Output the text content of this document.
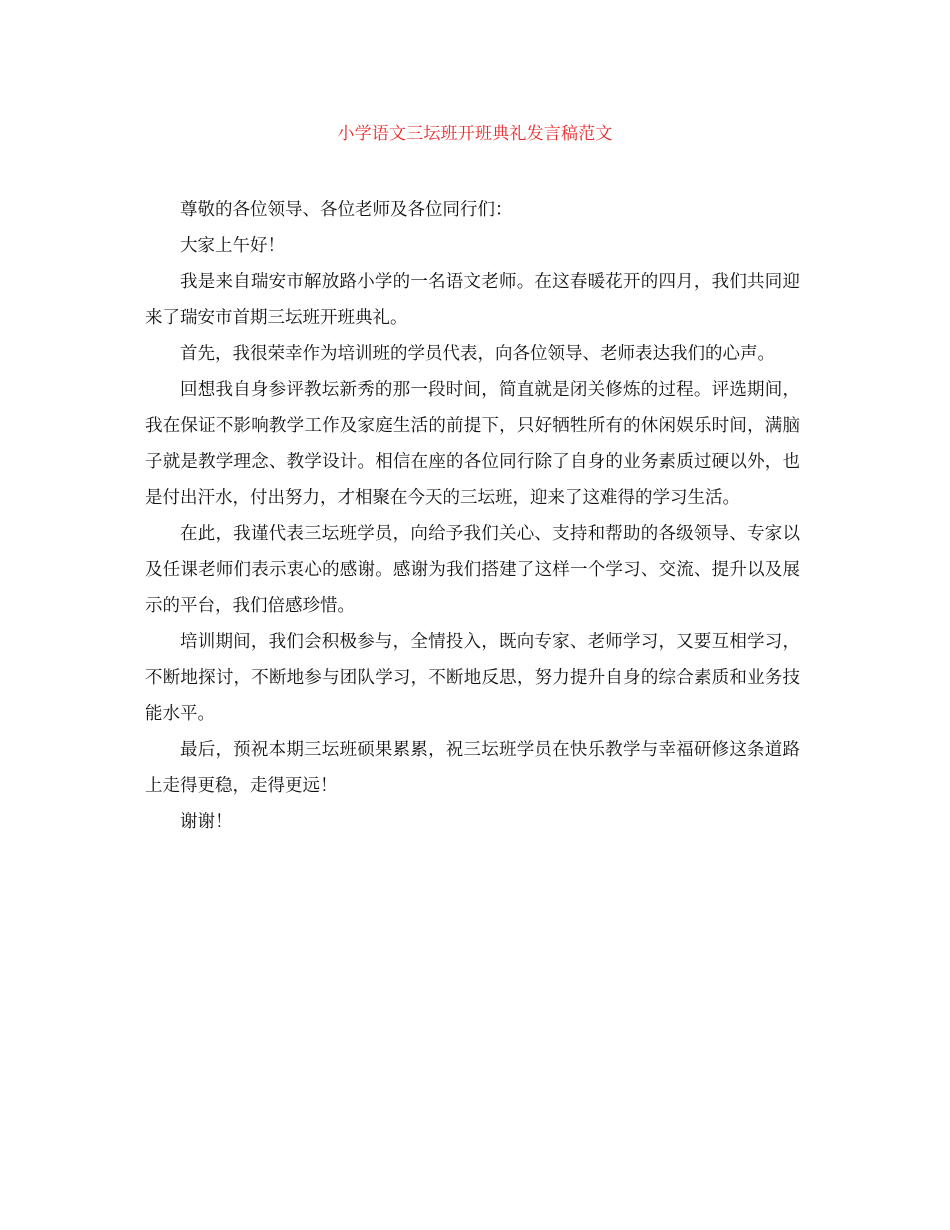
小学语文三坛班开班典礼发言稿范文

尊敬的各位领导、各位老师及各位同行们：

大家上午好！

我是来自瑞安市解放路小学的一名语文老师。在这春暖花开的四月，我们共同迎来了瑞安市首期三坛班开班典礼。

首先，我很荣幸作为培训班的学员代表，向各位领导、老师表达我们的心声。

回想我自身参评教坛新秀的那一段时间，简直就是闭关修炼的过程。评选期间，我在保证不影响教学工作及家庭生活的前提下，只好牺牲所有的休闲娱乐时间，满脑子就是教学理念、教学设计。相信在座的各位同行除了自身的业务素质过硬以外，也是付出汗水，付出努力，才相聚在今天的三坛班，迎来了这难得的学习生活。

在此，我谨代表三坛班学员，向给予我们关心、支持和帮助的各级领导、专家以及任课老师们表示衷心的感谢。感谢为我们搭建了这样一个学习、交流、提升以及展示的平台，我们倍感珍惜。

培训期间，我们会积极参与，全情投入，既向专家、老师学习，又要互相学习，不断地探讨，不断地参与团队学习，不断地反思，努力提升自身的综合素质和业务技能水平。

最后，预祝本期三坛班硕果累累，祝三坛班学员在快乐教学与幸福研修这条道路上走得更稳，走得更远！

谢谢！
